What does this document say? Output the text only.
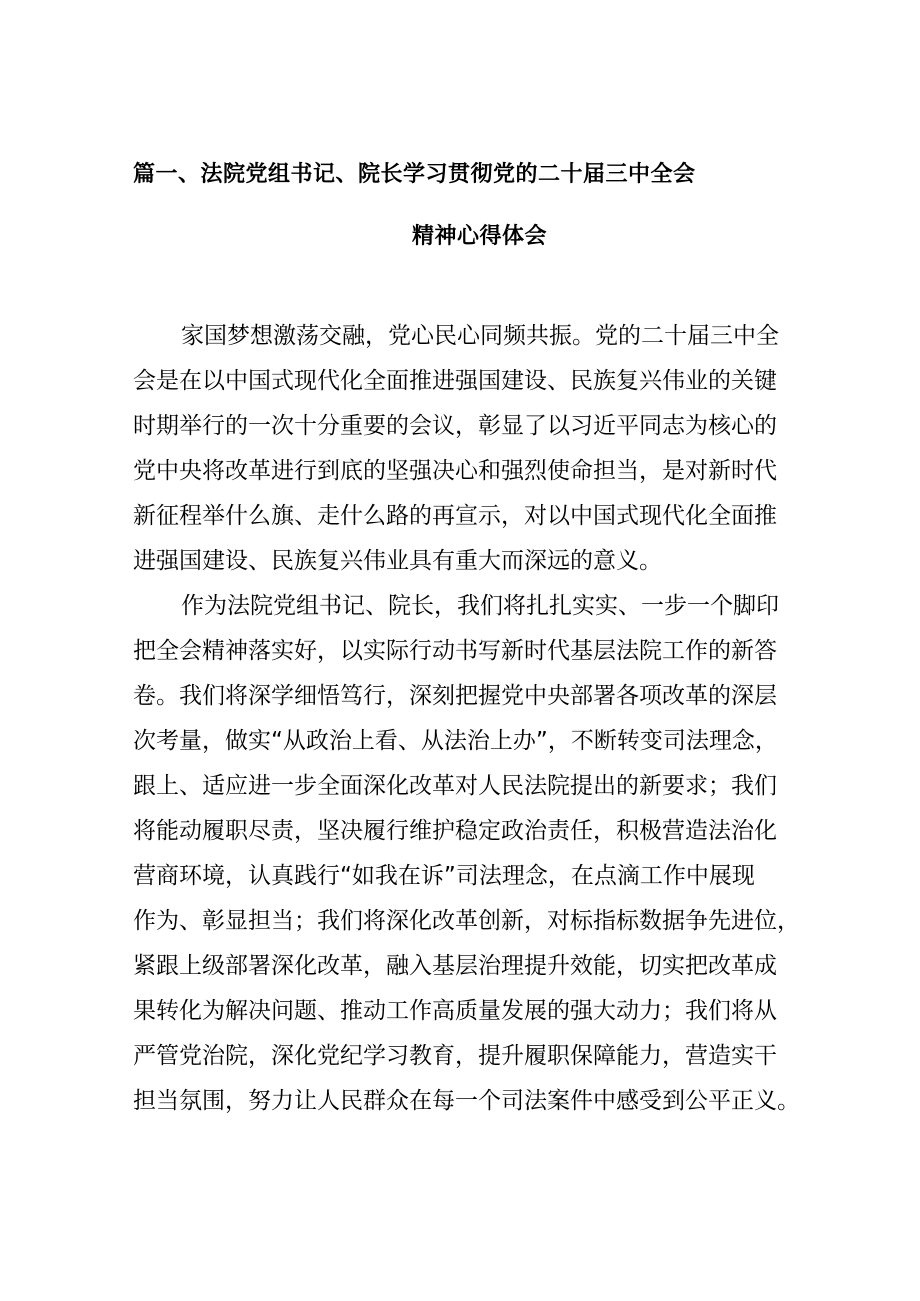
篇一、法院党组书记、院长学习贯彻党的二十届三中全会
精神心得体会
家国梦想激荡交融，党心民心同频共振。党的二十届三中全
会是在以中国式现代化全面推进强国建设、民族复兴伟业的关键
时期举行的一次十分重要的会议，彰显了以习近平同志为核心的
党中央将改革进行到底的坚强决心和强烈使命担当，是对新时代
新征程举什么旗、走什么路的再宣示，对以中国式现代化全面推
进强国建设、民族复兴伟业具有重大而深远的意义。
作为法院党组书记、院长，我们将扎扎实实、一步一个脚印
把全会精神落实好，以实际行动书写新时代基层法院工作的新答
卷。我们将深学细悟笃行，深刻把握党中央部署各项改革的深层
次考量，做实“从政治上看、从法治上办”，不断转变司法理念，
跟上、适应进一步全面深化改革对人民法院提出的新要求；我们
将能动履职尽责，坚决履行维护稳定政治责任，积极营造法治化
营商环境，认真践行“如我在诉”司法理念，在点滴工作中展现
作为、彰显担当；我们将深化改革创新，对标指标数据争先进位，
紧跟上级部署深化改革，融入基层治理提升效能，切实把改革成
果转化为解决问题、推动工作高质量发展的强大动力；我们将从
严管党治院，深化党纪学习教育，提升履职保障能力，营造实干
担当氛围，努力让人民群众在每一个司法案件中感受到公平正义。
